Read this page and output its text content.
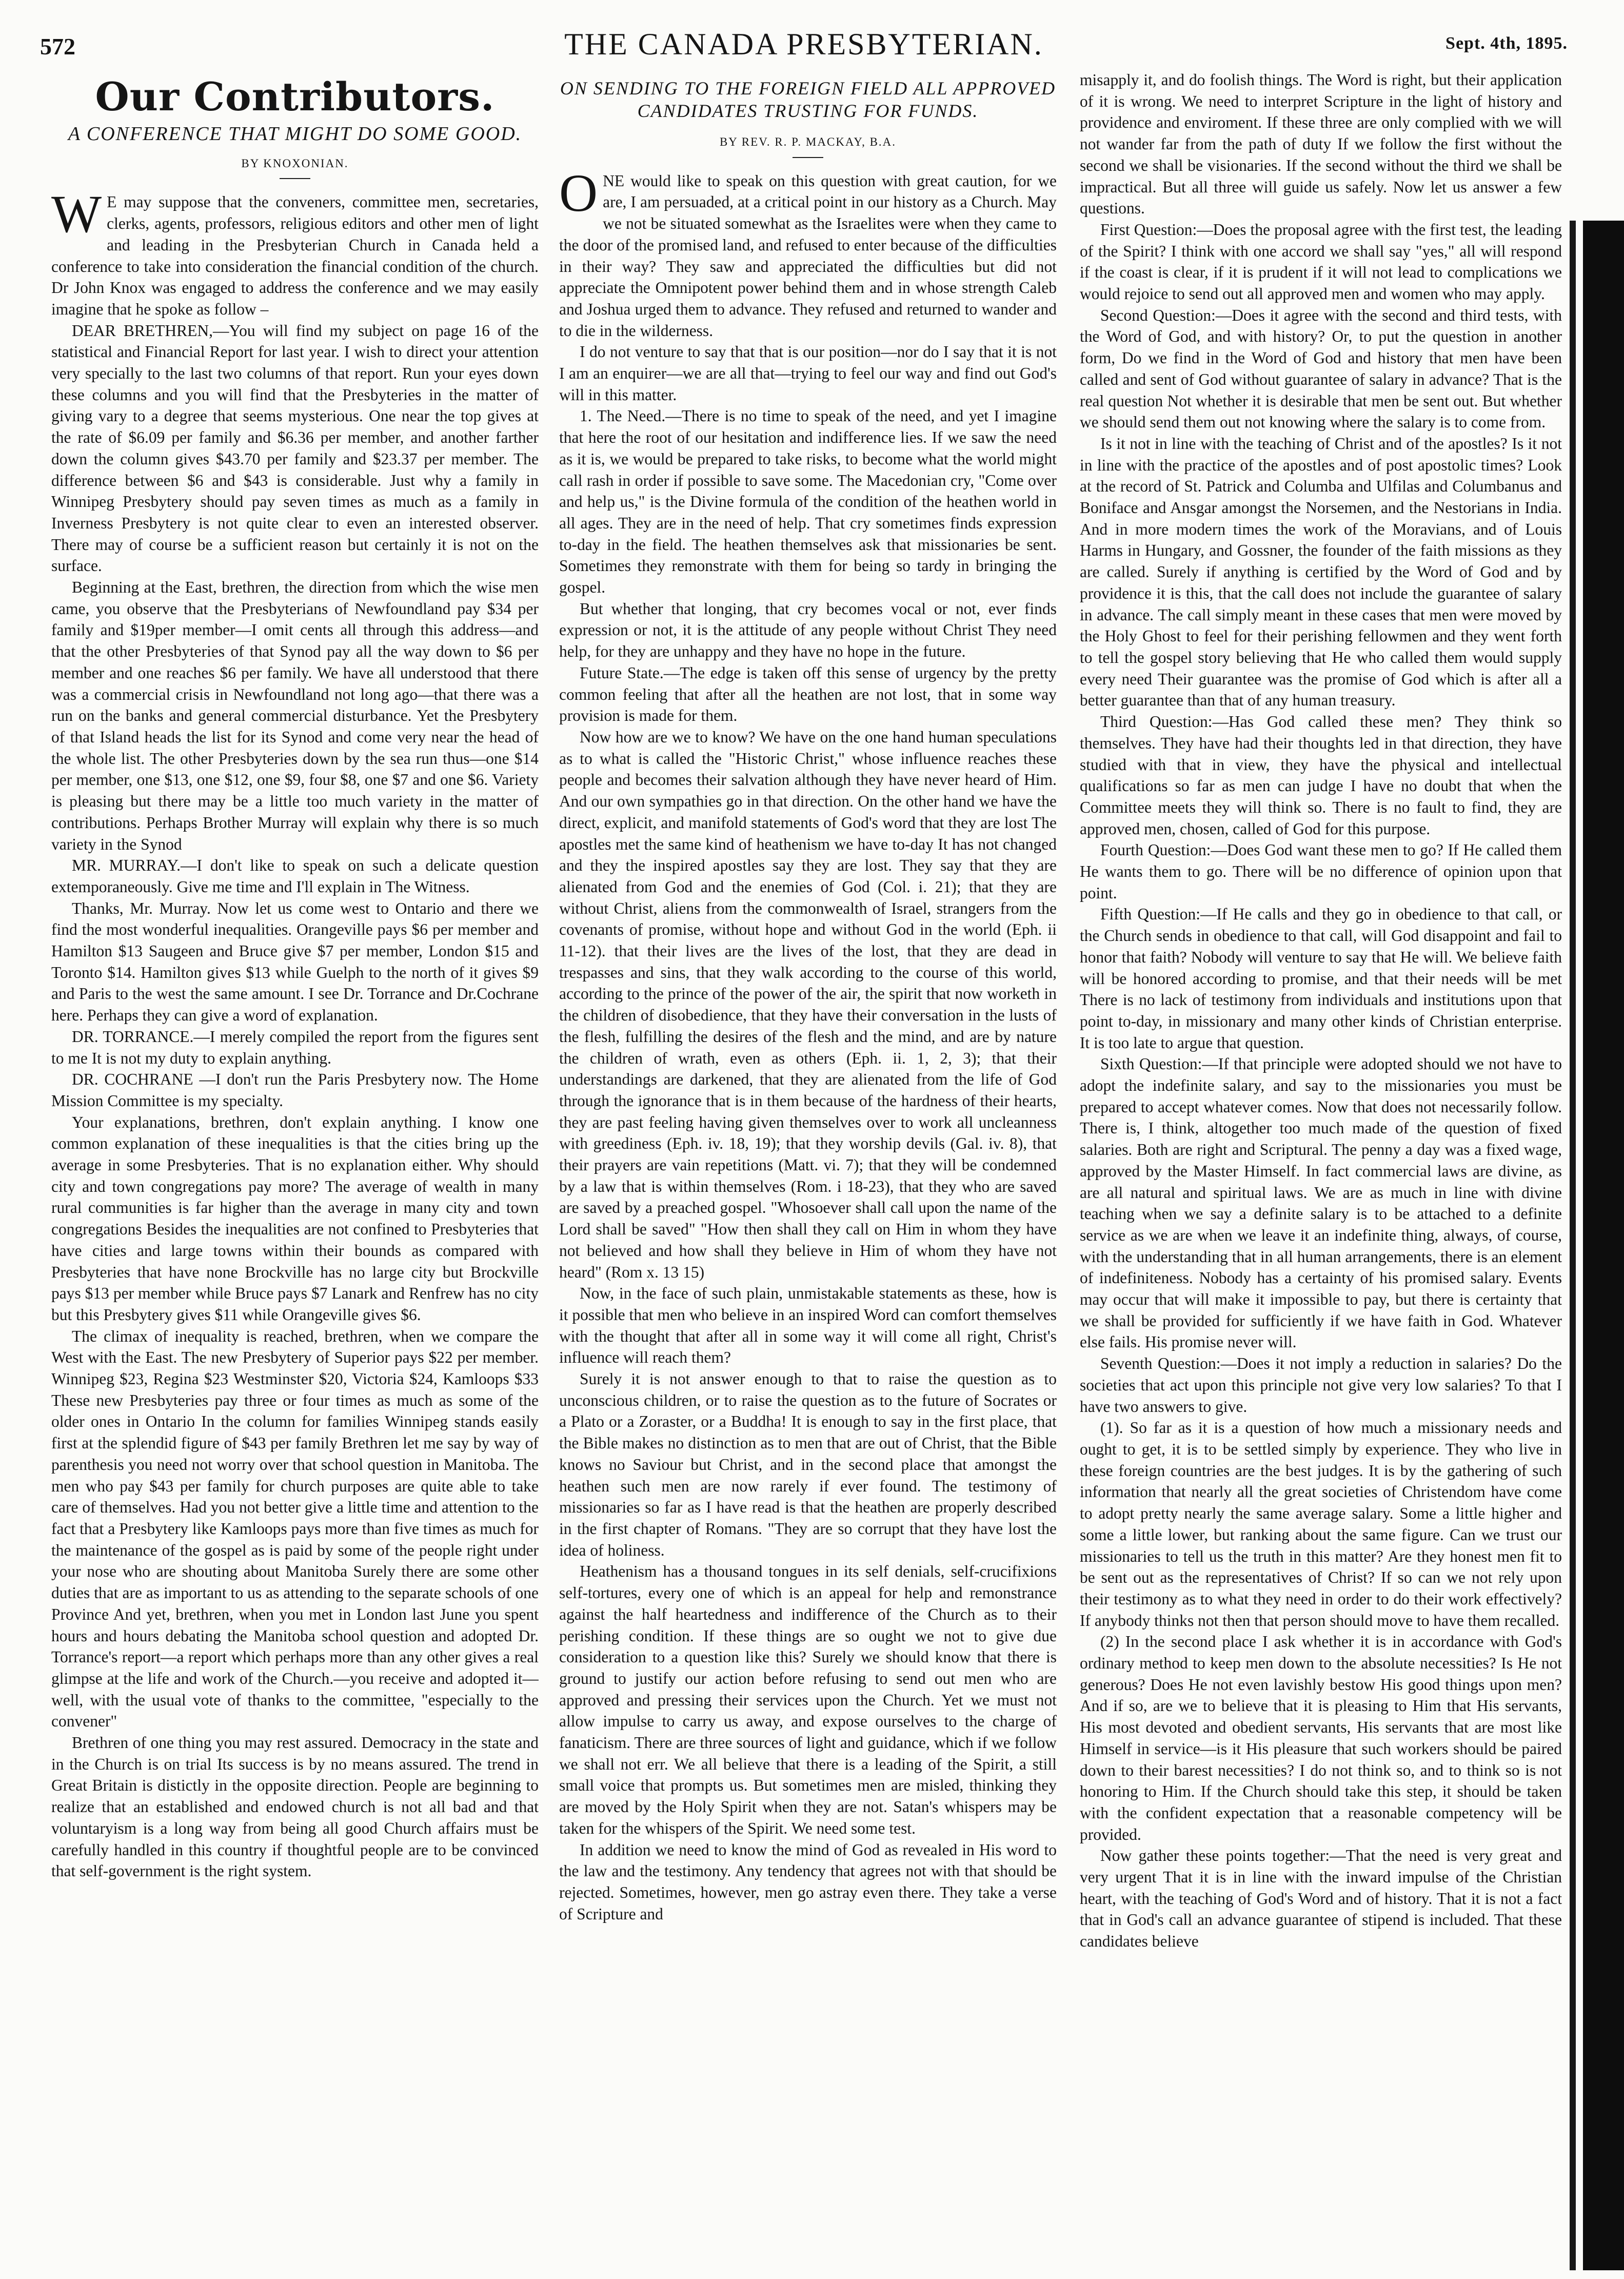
572	THE CANADA PRESBYTERIAN.	Sept. 4th, 1895.
Our Contributors.
A CONFERENCE THAT MIGHT DO SOME GOOD.
BY KNOXONIAN.

W E may suppose that the conveners, committee men, secretaries, clerks, agents, professors, religious editors and other men of light and leading in the Presbyterian Church in Canada held a conference to take into consideration the financial condition of the church. Dr John Knox was engaged to address the conference and we may easily imagine that he spoke as follow –

DEAR BRETHREN,—You will find my subject on page 16 of the statistical and Financial Report for last year. I wish to direct your attention very specially to the last two columns of that report. Run your eyes down these columns and you will find that the Presbyteries in the matter of giving vary to a degree that seems mysterious. One near the top gives at the rate of $6.09 per family and $6.36 per member, and another farther down the column gives $43.70 per family and $23.37 per member. The difference between $6 and $43 is considerable. Just why a family in Winnipeg Presbytery should pay seven times as much as a family in Inverness Presbytery is not quite clear to even an interested observer. There may of course be a sufficient reason but certainly it is not on the surface.

Beginning at the East, brethren, the direction from which the wise men came, you observe that the Presbyterians of Newfoundland pay $34 per family and $19per member—I omit cents all through this address—and that the other Presbyteries of that Synod pay all the way down to $6 per member and one reaches $6 per family. We have all understood that there was a commercial crisis in Newfoundland not long ago—that there was a run on the banks and general commercial disturbance. Yet the Presbytery of that Island heads the list for its Synod and come very near the head of the whole list. The other Presbyteries down by the sea run thus—one $14 per member, one $13, one $12, one $9, four $8, one $7 and one $6. Variety is pleasing but there may be a little too much variety in the matter of contributions. Perhaps Brother Murray will explain why there is so much variety in the Synod

MR. MURRAY.—I don't like to speak on such a delicate question extemporaneously. Give me time and I'll explain in The Witness.

Thanks, Mr. Murray. Now let us come west to Ontario and there we find the most wonderful inequalities. Orangeville pays $6 per member and Hamilton $13 Saugeen and Bruce give $7 per member, London $15 and Toronto $14. Hamilton gives $13 while Guelph to the north of it gives $9 and Paris to the west the same amount. I see Dr. Torrance and Dr.Cochrane here. Perhaps they can give a word of explanation.

DR. TORRANCE.—I merely compiled the report from the figures sent to me It is not my duty to explain anything.

DR. COCHRANE —I don't run the Paris Presbytery now. The Home Mission Committee is my specialty.

Your explanations, brethren, don't explain anything. I know one common explanation of these inequalities is that the cities bring up the average in some Presbyteries. That is no explanation either. Why should city and town congregations pay more? The average of wealth in many rural communities is far higher than the average in many city and town congregations Besides the inequalities are not confined to Presbyteries that have cities and large towns within their bounds as compared with Presbyteries that have none Brockville has no large city but Brockville pays $13 per member while Bruce pays $7 Lanark and Renfrew has no city but this Presbytery gives $11 while Orangeville gives $6.

The climax of inequality is reached, brethren, when we compare the West with the East. The new Presbytery of Superior pays $22 per member. Winnipeg $23, Regina $23 Westminster $20, Victoria $24, Kamloops $33 These new Presbyteries pay three or four times as much as some of the older ones in Ontario In the column for families Winnipeg stands easily first at the splendid figure of $43 per family Brethren let me say by way of parenthesis you need not worry over that school question in Manitoba. The men who pay $43 per family for church purposes are quite able to take care of themselves. Had you not better give a little time and attention to the fact that a Presbytery like Kamloops pays more than five times as much for the maintenance of the gospel as is paid by some of the people right under your nose who are shouting about Manitoba Surely there are some other duties that are as important to us as attending to the separate schools of one Province And yet, brethren, when you met in London last June you spent hours and hours debating the Manitoba school question and adopted Dr. Torrance's report—a report which perhaps more than any other gives a real glimpse at the life and work of the Church.—you receive and adopted it—well, with the usual vote of thanks to the committee, "especially to the convener"

Brethren of one thing you may rest assured. Democracy in the state and in the Church is on trial Its success is by no means assured. The trend in Great Britain is distictly in the opposite direction. People are beginning to realize that an established and endowed church is not all bad and that voluntaryism is a long way from being all good Church affairs must be carefully handled in this country if thoughtful people are to be convinced that self-government is the right system.

ON SENDING TO THE FOREIGN FIELD ALL APPROVED CANDIDATES TRUSTING FOR FUNDS.
BY REV. R. P. MACKAY, B.A.

ONE would like to speak on this question with great caution, for we are, I am persuaded, at a critical point in our history as a Church. May we not be situated somewhat as the Israelites were when they came to the door of the promised land, and refused to enter because of the difficulties in their way? They saw and appreciated the difficulties but did not appreciate the Omnipotent power behind them and in whose strength Caleb and Joshua urged them to advance. They refused and returned to wander and to die in the wilderness.

I do not venture to say that that is our position—nor do I say that it is not I am an enquirer—we are all that—trying to feel our way and find out God's will in this matter.

1. The Need.—There is no time to speak of the need, and yet I imagine that here the root of our hesitation and indifference lies. If we saw the need as it is, we would be prepared to take risks, to become what the world might call rash in order if possible to save some. The Macedonian cry, "Come over and help us," is the Divine formula of the condition of the heathen world in all ages. They are in the need of help. That cry sometimes finds expression to-day in the field. The heathen themselves ask that missionaries be sent. Sometimes they remonstrate with them for being so tardy in bringing the gospel.

But whether that longing, that cry becomes vocal or not, ever finds expression or not, it is the attitude of any people without Christ They need help, for they are unhappy and they have no hope in the future.

Future State.—The edge is taken off this sense of urgency by the pretty common feeling that after all the heathen are not lost, that in some way provision is made for them.

Now how are we to know? We have on the one hand human speculations as to what is called the "Historic Christ," whose influence reaches these people and becomes their salvation although they have never heard of Him. And our own sympathies go in that direction. On the other hand we have the direct, explicit, and manifold statements of God's word that they are lost The apostles met the same kind of heathenism we have to-day It has not changed and they the inspired apostles say they are lost. They say that they are alienated from God and the enemies of God (Col. i. 21); that they are without Christ, aliens from the commonwealth of Israel, strangers from the covenants of promise, without hope and without God in the world (Eph. ii 11-12). that their lives are the lives of the lost, that they are dead in trespasses and sins, that they walk according to the course of this world, according to the prince of the power of the air, the spirit that now worketh in the children of disobedience, that they have their conversation in the lusts of the flesh, fulfilling the desires of the flesh and the mind, and are by nature the children of wrath, even as others (Eph. ii. 1, 2, 3); that their understandings are darkened, that they are alienated from the life of God through the ignorance that is in them because of the hardness of their hearts, they are past feeling having given themselves over to work all uncleanness with greediness (Eph. iv. 18, 19); that they worship devils (Gal. iv. 8), that their prayers are vain repetitions (Matt. vi. 7); that they will be condemned by a law that is within themselves (Rom. i 18-23), that they who are saved are saved by a preached gospel. "Whosoever shall call upon the name of the Lord shall be saved" "How then shall they call on Him in whom they have not believed and how shall they believe in Him of whom they have not heard" (Rom x. 13 15)

Now, in the face of such plain, unmistakable statements as these, how is it possible that men who believe in an inspired Word can comfort themselves with the thought that after all in some way it will come all right, Christ's influence will reach them?

Surely it is not answer enough to that to raise the question as to unconscious children, or to raise the question as to the future of Socrates or a Plato or a Zoraster, or a Buddha! It is enough to say in the first place, that the Bible makes no distinction as to men that are out of Christ, that the Bible knows no Saviour but Christ, and in the second place that amongst the heathen such men are now rarely if ever found. The testimony of missionaries so far as I have read is that the heathen are properly described in the first chapter of Romans. "They are so corrupt that they have lost the idea of holiness.

Heathenism has a thousand tongues in its self denials, self-crucifixions self-tortures, every one of which is an appeal for help and remonstrance against the half heartedness and indifference of the Church as to their perishing condition. If these things are so ought we not to give due consideration to a question like this? Surely we should know that there is ground to justify our action before refusing to send out men who are approved and pressing their services upon the Church. Yet we must not allow impulse to carry us away, and expose ourselves to the charge of fanaticism. There are three sources of light and guidance, which if we follow we shall not err. We all believe that there is a leading of the Spirit, a still small voice that prompts us. But sometimes men are misled, thinking they are moved by the Holy Spirit when they are not. Satan's whispers may be taken for the whispers of the Spirit. We need some test.

In addition we need to know the mind of God as revealed in His word to the law and the testimony. Any tendency that agrees not with that should be rejected. Sometimes, however, men go astray even there. They take a verse of Scripture and

misapply it, and do foolish things. The Word is right, but their application of it is wrong. We need to interpret Scripture in the light of history and providence and enviroment. If these three are only complied with we will not wander far from the path of duty If we follow the first without the second we shall be visionaries. If the second without the third we shall be impractical. But all three will guide us safely. Now let us answer a few questions.

First Question:—Does the proposal agree with the first test, the leading of the Spirit? I think with one accord we shall say "yes," all will respond if the coast is clear, if it is prudent if it will not lead to complications we would rejoice to send out all approved men and women who may apply.

Second Question:—Does it agree with the second and third tests, with the Word of God, and with history? Or, to put the question in another form, Do we find in the Word of God and history that men have been called and sent of God without guarantee of salary in advance? That is the real question Not whether it is desirable that men be sent out. But whether we should send them out not knowing where the salary is to come from.

Is it not in line with the teaching of Christ and of the apostles? Is it not in line with the practice of the apostles and of post apostolic times? Look at the record of St. Patrick and Columba and Ulfilas and Columbanus and Boniface and Ansgar amongst the Norsemen, and the Nestorians in India. And in more modern times the work of the Moravians, and of Louis Harms in Hungary, and Gossner, the founder of the faith missions as they are called. Surely if anything is certified by the Word of God and by providence it is this, that the call does not include the guarantee of salary in advance. The call simply meant in these cases that men were moved by the Holy Ghost to feel for their perishing fellowmen and they went forth to tell the gospel story believing that He who called them would supply every need Their guarantee was the promise of God which is after all a better guarantee than that of any human treasury.

Third Question:—Has God called these men? They think so themselves. They have had their thoughts led in that direction, they have studied with that in view, they have the physical and intellectual qualifications so far as men can judge I have no doubt that when the Committee meets they will think so. There is no fault to find, they are approved men, chosen, called of God for this purpose.

Fourth Question:—Does God want these men to go? If He called them He wants them to go. There will be no difference of opinion upon that point.

Fifth Question:—If He calls and they go in obedience to that call, or the Church sends in obedience to that call, will God disappoint and fail to honor that faith? Nobody will venture to say that He will. We believe faith will be honored according to promise, and that their needs will be met There is no lack of testimony from individuals and institutions upon that point to-day, in missionary and many other kinds of Christian enterprise. It is too late to argue that question.

Sixth Question:—If that principle were adopted should we not have to adopt the indefinite salary, and say to the missionaries you must be prepared to accept whatever comes. Now that does not necessarily follow. There is, I think, altogether too much made of the question of fixed salaries. Both are right and Scriptural. The penny a day was a fixed wage, approved by the Master Himself. In fact commercial laws are divine, as are all natural and spiritual laws. We are as much in line with divine teaching when we say a definite salary is to be attached to a definite service as we are when we leave it an indefinite thing, always, of course, with the understanding that in all human arrangements, there is an element of indefiniteness. Nobody has a certainty of his promised salary. Events may occur that will make it impossible to pay, but there is certainty that we shall be provided for sufficiently if we have faith in God. Whatever else fails. His promise never will.

Seventh Question:—Does it not imply a reduction in salaries? Do the societies that act upon this principle not give very low salaries? To that I have two answers to give.

(1). So far as it is a question of how much a missionary needs and ought to get, it is to be settled simply by experience. They who live in these foreign countries are the best judges. It is by the gathering of such information that nearly all the great societies of Christendom have come to adopt pretty nearly the same average salary. Some a little higher and some a little lower, but ranking about the same figure. Can we trust our missionaries to tell us the truth in this matter? Are they honest men fit to be sent out as the representatives of Christ? If so can we not rely upon their testimony as to what they need in order to do their work effectively? If anybody thinks not then that person should move to have them recalled.

(2) In the second place I ask whether it is in accordance with God's ordinary method to keep men down to the absolute necessities? Is He not generous? Does He not even lavishly bestow His good things upon men? And if so, are we to believe that it is pleasing to Him that His servants, His most devoted and obedient servants, His servants that are most like Himself in service—is it His pleasure that such workers should be paired down to their barest necessities? I do not think so, and to think so is not honoring to Him. If the Church should take this step, it should be taken with the confident expectation that a reasonable competency will be provided.

Now gather these points together:—That the need is very great and very urgent That it is in line with the inward impulse of the Christian heart, with the teaching of God's Word and of history. That it is not a fact that in God's call an advance guarantee of stipend is included. That these candidates believe
